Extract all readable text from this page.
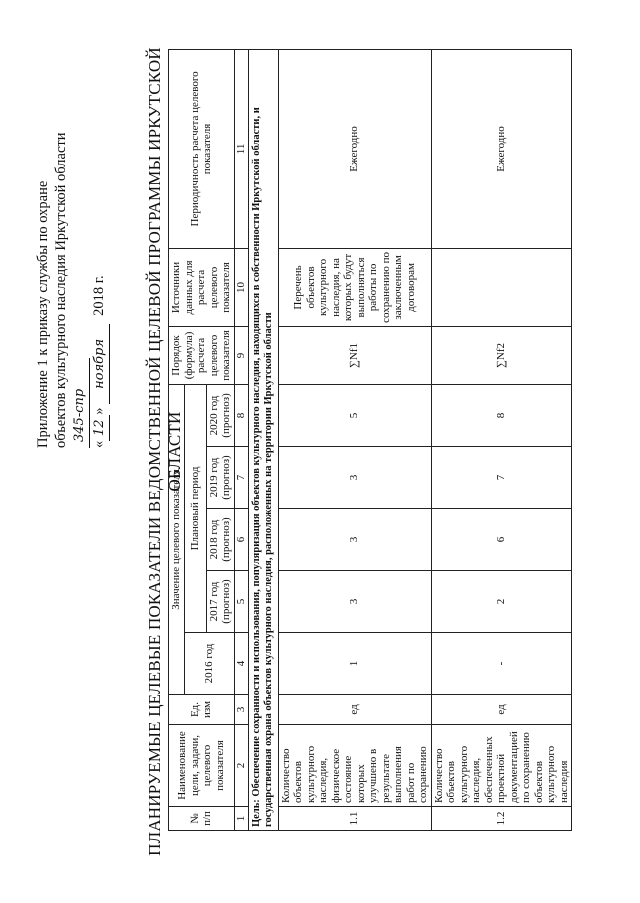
Приложение 1 к приказу службы по охране объектов культурного наследия Иркутской области 345-спр
«12» ноября2018 г. ПЛАНИРУЕМЫЕ ЦЕЛЕВЫЕ ПОКАЗАТЕЛИ ВЕДОМСТВЕННОЙ ЦЕЛЕВОЙ ПРОГРАММЫ ИРКУТСКОЙ ОБЛАСТИ
№ п/п	Наименование цели, задачи, целевого показателя	Ед. изм	Значение целевого показателя					Порядок (формула) расчета целевого показателя	Источники данных для расчета целевого показателя	Периодичность расчета целевого показателя
			2016 год	Плановый период						
				2017 год (прогноз)	2018 год (прогноз)	2019 год (прогноз)	2020 год (прогноз)			
1	2	3	4	5	6	7	8	9	10	11
Цель: Обеспечение сохранности и использования, популяризация объектов культурного наследия, находящихся в собственности Иркутской области, и государственная охрана объектов культурного наследия, расположенных на территории Иркутской области										
1.1	Количество объектов культурного наследия, физическое состояние которых улучшено в результате выполнения работ по сохранению	ед	1	3	3	3	5	∑Nf1	Перечень объектов культурного наследия, на которых будут выполняться работы по сохранению по заключенным договорам	Ежегодно
1.2	Количество объектов культурного наследия, обеспеченных проектной документацией по сохранению объектов культурного наследия	ед	-	2	6	7	8	∑Nf2		Ежегодно
